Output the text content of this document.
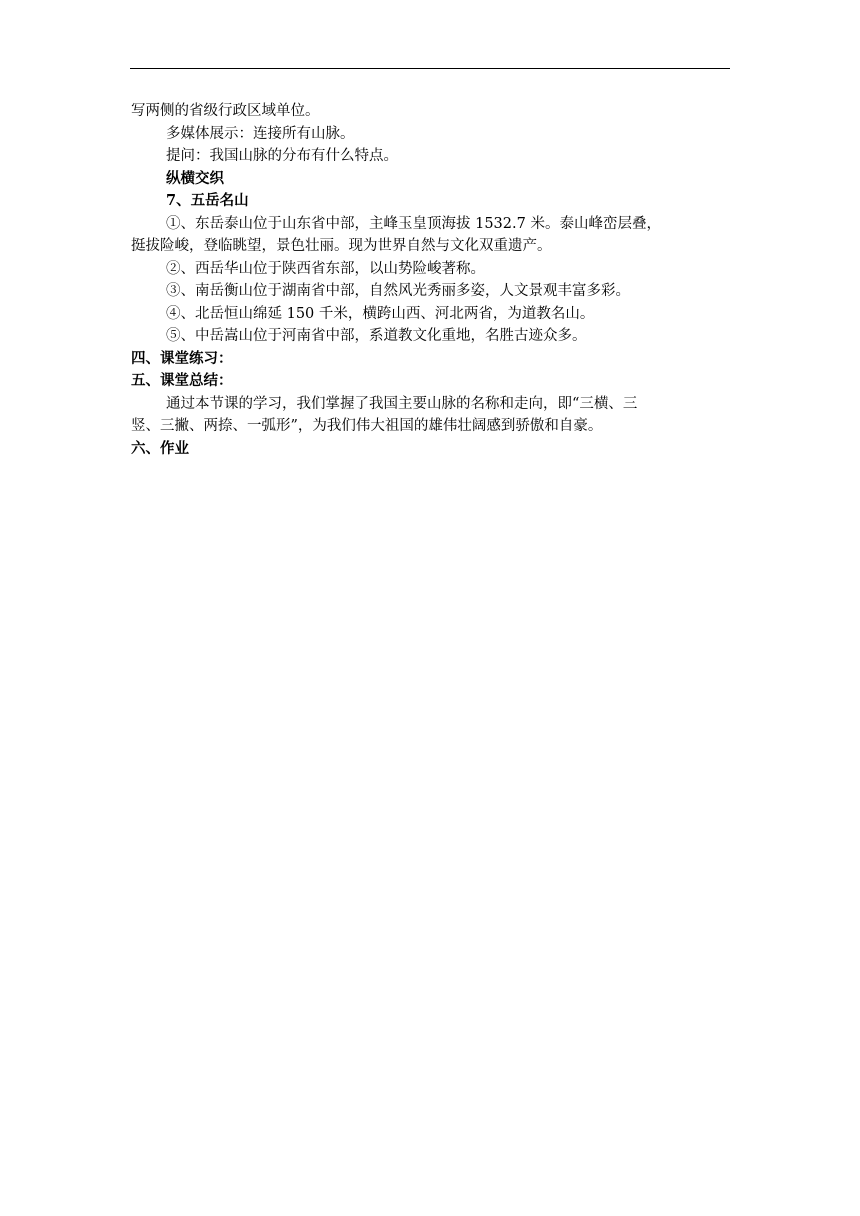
写两侧的省级行政区域单位。
多媒体展示：连接所有山脉。
提问：我国山脉的分布有什么特点。
纵横交织
7、五岳名山
①、东岳泰山位于山东省中部，主峰玉皇顶海拔 1532.7 米。泰山峰峦层叠，
挺拔险峻，登临眺望，景色壮丽。现为世界自然与文化双重遗产。
②、西岳华山位于陕西省东部，以山势险峻著称。
③、南岳衡山位于湖南省中部，自然风光秀丽多姿，人文景观丰富多彩。
④、北岳恒山绵延 150 千米，横跨山西、河北两省，为道教名山。
⑤、中岳嵩山位于河南省中部，系道教文化重地，名胜古迹众多。
四、课堂练习：
五、课堂总结：
通过本节课的学习，我们掌握了我国主要山脉的名称和走向，即“三横、三
竖、三撇、两捺、一弧形”，为我们伟大祖国的雄伟壮阔感到骄傲和自豪。
六、作业
